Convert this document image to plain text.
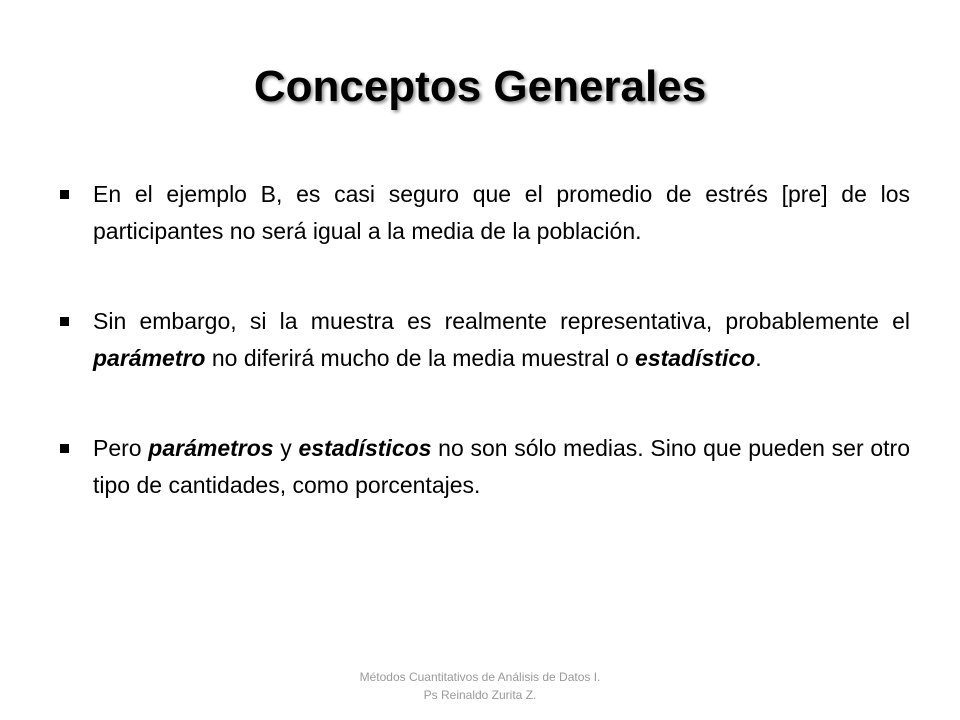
Conceptos Generales
En el ejemplo B, es casi seguro que el promedio de estrés [pre] de los participantes no será igual a la media de la población.
Sin embargo, si la muestra es realmente representativa, probablemente el parámetro no diferirá mucho de la media muestral o estadístico.
Pero parámetros y estadísticos no son sólo medias. Sino que pueden ser otro tipo de cantidades, como porcentajes.
Métodos Cuantitativos de Análisis de Datos I.
Ps Reinaldo Zurita Z.
